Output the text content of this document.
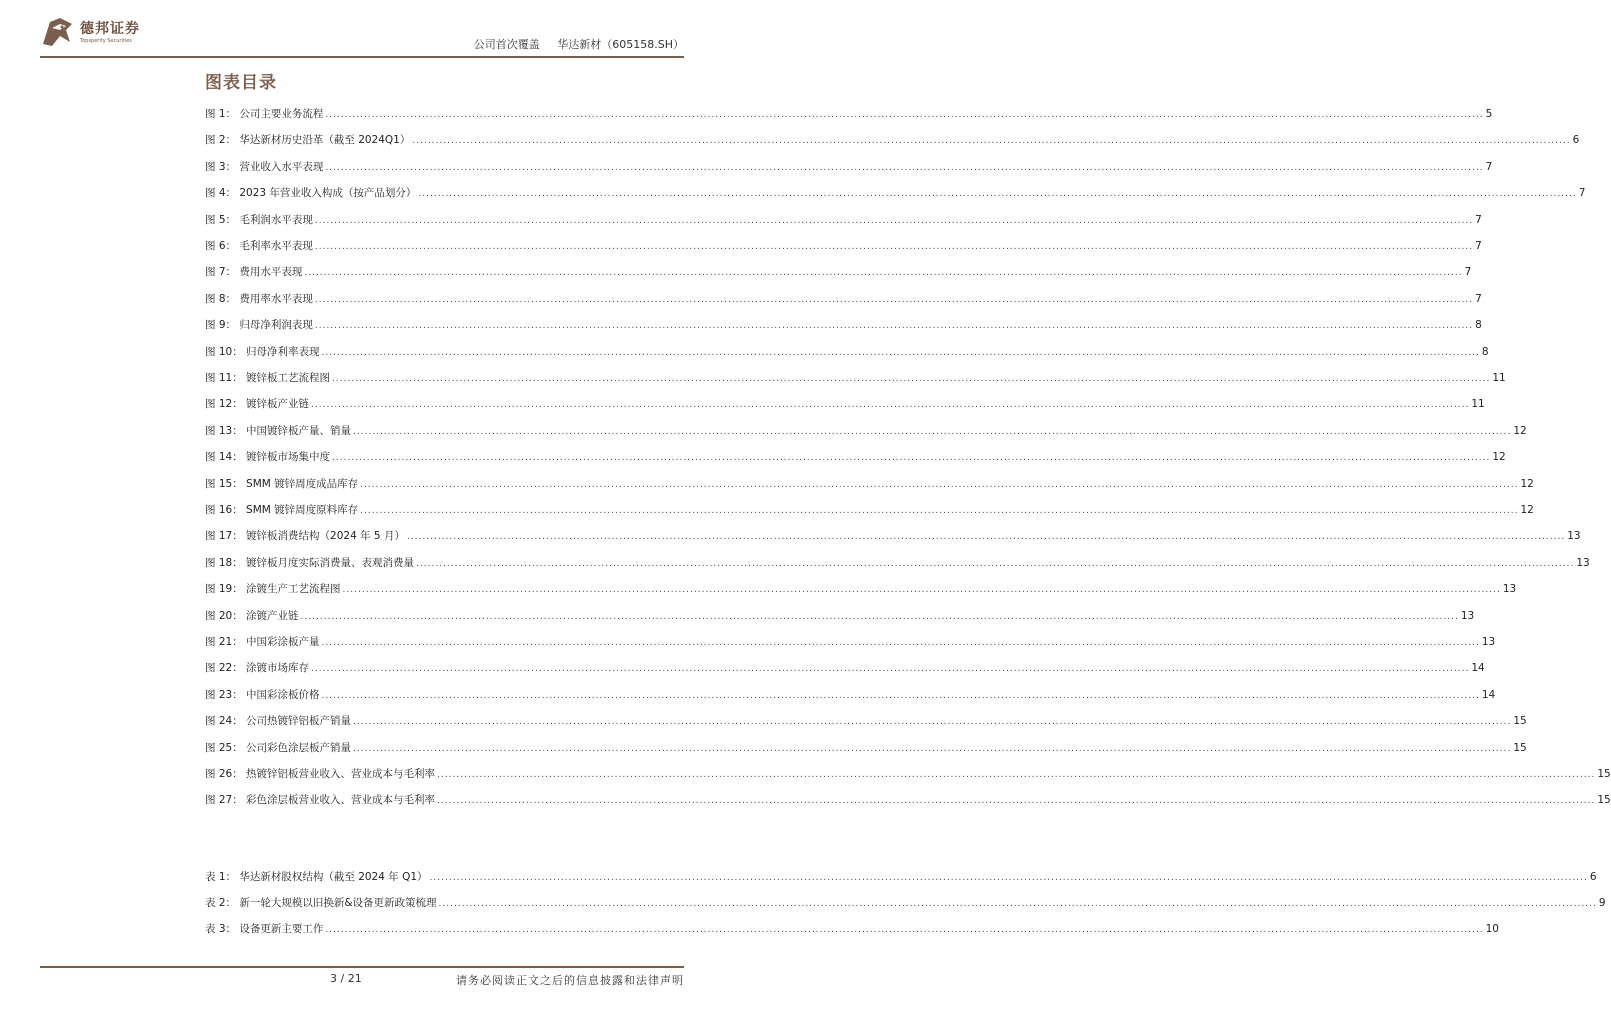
德邦证券
Topsperity Securities	公司首次覆盖 华达新材（605158.SH）
图表目录
图 1： 公司主要业务流程 ............................................................................................................................................................................................................................................................................................................ 5
图 2： 华达新材历史沿革（截至 2024Q1） ............................................................................................................................................................................................................................................................................................................ 6
图 3： 营业收入水平表现 ............................................................................................................................................................................................................................................................................................................ 7
图 4： 2023 年营业收入构成（按产品划分） ............................................................................................................................................................................................................................................................................................................ 7
图 5： 毛利润水平表现 ............................................................................................................................................................................................................................................................................................................ 7
图 6： 毛利率水平表现 ............................................................................................................................................................................................................................................................................................................ 7
图 7： 费用水平表现 ............................................................................................................................................................................................................................................................................................................ 7
图 8： 费用率水平表现 ............................................................................................................................................................................................................................................................................................................ 7
图 9： 归母净利润表现 ............................................................................................................................................................................................................................................................................................................ 8
图 10： 归母净利率表现 ............................................................................................................................................................................................................................................................................................................ 8
图 11： 镀锌板工艺流程图 ............................................................................................................................................................................................................................................................................................................ 11
图 12： 镀锌板产业链 ............................................................................................................................................................................................................................................................................................................ 11
图 13： 中国镀锌板产量、销量 ............................................................................................................................................................................................................................................................................................................ 12
图 14： 镀锌板市场集中度 ............................................................................................................................................................................................................................................................................................................ 12
图 15： SMM 镀锌周度成品库存 ............................................................................................................................................................................................................................................................................................................ 12
图 16： SMM 镀锌周度原料库存 ............................................................................................................................................................................................................................................................................................................ 12
图 17： 镀锌板消费结构（2024 年 5 月） ............................................................................................................................................................................................................................................................................................................ 13
图 18： 镀锌板月度实际消费量、表观消费量 ............................................................................................................................................................................................................................................................................................................ 13
图 19： 涂镀生产工艺流程图 ............................................................................................................................................................................................................................................................................................................ 13
图 20： 涂镀产业链 ............................................................................................................................................................................................................................................................................................................ 13
图 21： 中国彩涂板产量 ............................................................................................................................................................................................................................................................................................................ 13
图 22： 涂镀市场库存 ............................................................................................................................................................................................................................................................................................................ 14
图 23： 中国彩涂板价格 ............................................................................................................................................................................................................................................................................................................ 14
图 24： 公司热镀锌铝板产销量 ............................................................................................................................................................................................................................................................................................................ 15
图 25： 公司彩色涂层板产销量 ............................................................................................................................................................................................................................................................................................................ 15
图 26： 热镀锌铝板营业收入、营业成本与毛利率 ............................................................................................................................................................................................................................................................................................................ 15
图 27： 彩色涂层板营业收入、营业成本与毛利率 ............................................................................................................................................................................................................................................................................................................ 15
表 1： 华达新材股权结构（截至 2024 年 Q1） ............................................................................................................................................................................................................................................................................................................ 6
表 2： 新一轮大规模以旧换新&设备更新政策梳理 ............................................................................................................................................................................................................................................................................................................ 9
表 3： 设备更新主要工作 ............................................................................................................................................................................................................................................................................................................ 10
3 / 21	请务必阅读正文之后的信息披露和法律声明
